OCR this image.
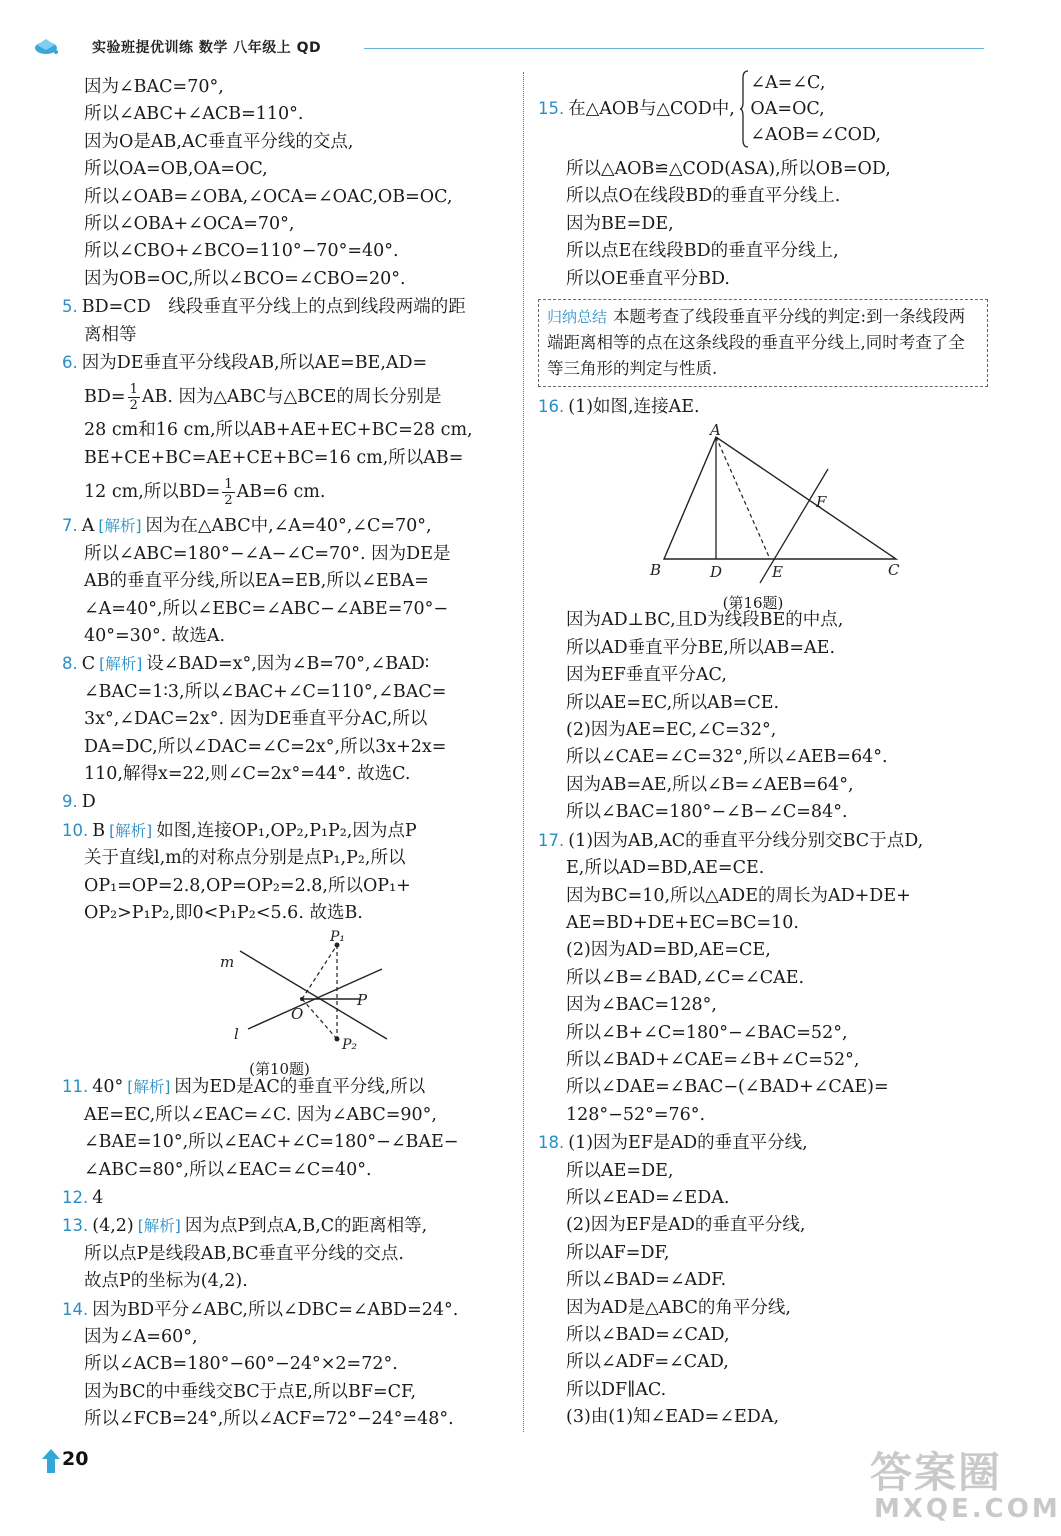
实验班提优训练 数学 八年级上 QD
因为∠BAC=70°,
所以∠ABC+∠ACB=110°.
因为O是AB,AC垂直平分线的交点,
所以OA=OB,OA=OC,
所以∠OAB=∠OBA,∠OCA=∠OAC,OB=OC,
所以∠OBA+∠OCA=70°,
所以∠CBO+∠BCO=110°−70°=40°.
因为OB=OC,所以∠BCO=∠CBO=20°.
5. BD=CD　线段垂直平分线上的点到线段两端的距
离相等
6. 因为DE垂直平分线段AB,所以AE=BE,AD=
$BD= \frac{1}{2}$ AB. 因为△ABC与△BCE的周长分别是
28 cm和16 cm,所以AB+AE+EC+BC=28 cm,
BE+CE+BC=AE+CE+BC=16 cm,所以AB=
12 cm,所以$BD= \frac{1}{2} AB=6$ cm.
7. A [解析] 因为在△ABC中,∠A=40°,∠C=70°,
所以∠ABC=180°−∠A−∠C=70°. 因为DE是
AB的垂直平分线,所以EA=EB,所以∠EBA=
∠A=40°,所以∠EBC=∠ABC−∠ABE=70°−
40°=30°. 故选A.
8. C [解析] 设∠BAD=x°,因为∠B=70°,∠BAD∶
∠BAC=1∶3,所以∠BAC+∠C=110°,∠BAC=
3x°,∠DAC=2x°. 因为DE垂直平分AC,所以
DA=DC,所以∠DAC=∠C=2x°,所以3x+2x=
110,解得x=22,则∠C=2x°=44°. 故选C.
9. D
10. B [解析] 如图,连接OP₁,OP₂,P₁P₂,因为点P
关于直线l,m的对称点分别是点P₁,P₂,所以
OP₁=OP=2.8,OP=OP₂=2.8,所以OP₁+
OP₂>P₁P₂,即0<P₁P₂<5.6. 故选B.
m
l
O
P
P₁
P₂
(第10题)
11. 40° [解析] 因为ED是AC的垂直平分线,所以
AE=EC,所以∠EAC=∠C. 因为∠ABC=90°,
∠BAE=10°,所以∠EAC+∠C=180°−∠BAE−
∠ABC=80°,所以∠EAC=∠C=40°.
12. 4
13. (4,2) [解析] 因为点P到点A,B,C的距离相等,
所以点P是线段AB,BC垂直平分线的交点.
故点P的坐标为(4,2).
14. 因为BD平分∠ABC,所以∠DBC=∠ABD=24°.
因为∠A=60°,
所以∠ACB=180°−60°−24°×2=72°.
因为BC的中垂线交BC于点E,所以BF=CF,
所以∠FCB=24°,所以∠ACF=72°−24°=48°.
15. 在△AOB与△COD中,
∠A=∠C,
OA=OC,
∠AOB=∠COD,
所以△AOB≌△COD(ASA),所以OB=OD,
所以点O在线段BD的垂直平分线上.
因为BE=DE,
所以点E在线段BD的垂直平分线上,
所以OE垂直平分BD.
归纳总结 本题考查了线段垂直平分线的判定:到一条线段两端距离相等的点在这条线段的垂直平分线上,同时考查了全等三角形的判定与性质.
16. (1)如图,连接AE.
A
B	D	E	C
F
(第16题)
因为AD⊥BC,且D为线段BE的中点,
所以AD垂直平分BE,所以AB=AE.
因为EF垂直平分AC,
所以AE=EC,所以AB=CE.
(2)因为AE=EC,∠C=32°,
所以∠CAE=∠C=32°,所以∠AEB=64°.
因为AB=AE,所以∠B=∠AEB=64°,
所以∠BAC=180°−∠B−∠C=84°.
17. (1)因为AB,AC的垂直平分线分别交BC于点D,
E,所以AD=BD,AE=CE.
因为BC=10,所以△ADE的周长为AD+DE+
AE=BD+DE+EC=BC=10.
(2)因为AD=BD,AE=CE,
所以∠B=∠BAD,∠C=∠CAE.
因为∠BAC=128°,
所以∠B+∠C=180°−∠BAC=52°,
所以∠BAD+∠CAE=∠B+∠C=52°,
所以∠DAE=∠BAC−(∠BAD+∠CAE)=
128°−52°=76°.
18. (1)因为EF是AD的垂直平分线,
所以AE=DE,
所以∠EAD=∠EDA.
(2)因为EF是AD的垂直平分线,
所以AF=DF,
所以∠BAD=∠ADF.
因为AD是△ABC的角平分线,
所以∠BAD=∠CAD,
所以∠ADF=∠CAD,
所以DF∥AC.
(3)由(1)知∠EAD=∠EDA,
20	答案圈
MXQE.COM
